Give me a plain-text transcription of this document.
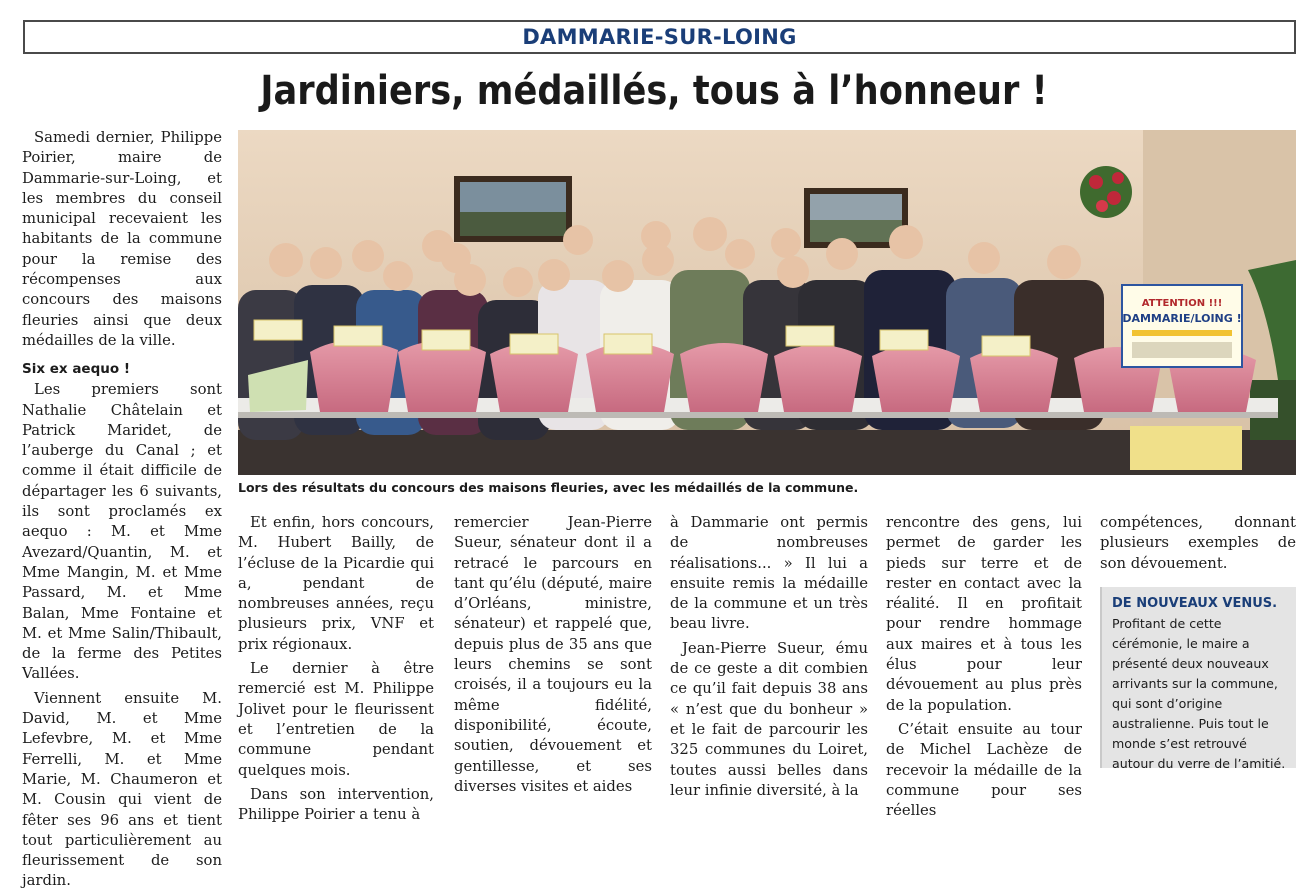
DAMMARIE-SUR-LOING
Jardiniers, médaillés, tous à l’honneur !

Samedi dernier, Philippe Poirier, maire de Dammarie-sur-Loing, et les membres du conseil municipal recevaient les habitants de la commune pour la remise des récompenses aux concours des maisons fleuries ainsi que deux médailles de la ville.

Six ex aequo !

Les premiers sont Nathalie Châtelain et Patrick Maridet, de l’auberge du Canal ; et comme il était difficile de départager les 6 suivants, ils sont proclamés ex aequo : M. et Mme Avezard/Quantin, M. et Mme Mangin, M. et Mme Passard, M. et Mme Balan, Mme Fontaine et M. et Mme Salin/Thibault, de la ferme des Petites Vallées.

Viennent ensuite M. David, M. et Mme Lefevbre, M. et Mme Ferrelli, M. et Mme Marie, M. Chaumeron et M. Cousin qui vient de fêter ses 96 ans et tient tout particulièrement au fleurissement de son jardin.

ATTENTION !!!
DAMMARIE/LOING !
Lors des résultats du concours des maisons fleuries, avec les médaillés de la commune.

Et enfin, hors concours, M. Hubert Bailly, de l’écluse de la Picardie qui a, pendant de nombreuses années, reçu plusieurs prix, VNF et prix régionaux.

Le dernier à être remercié est M. Philippe Jolivet pour le fleurissent et l’entretien de la commune pendant quelques mois.

Dans son intervention, Philippe Poirier a tenu à

remercier Jean-Pierre Sueur, sénateur dont il a retracé le parcours en tant qu’élu (député, maire d’Orléans, ministre, sénateur) et rappelé que, depuis plus de 35 ans que leurs chemins se sont croisés, il a toujours eu la même fidélité, disponibilité, écoute, soutien, dévouement et gentillesse, et ses diverses visites et aides

à Dammarie ont permis de nombreuses réalisations... » Il lui a ensuite remis la médaille de la commune et un très beau livre.

Jean-Pierre Sueur, ému de ce geste a dit combien ce qu’il fait depuis 38 ans « n’est que du bonheur » et le fait de parcourir les 325 communes du Loiret, toutes aussi belles dans leur infinie diversité, à la

rencontre des gens, lui permet de garder les pieds sur terre et de rester en contact avec la réalité. Il en profitait pour rendre hommage aux maires et à tous les élus pour leur dévouement au plus près de la population.

C’était ensuite au tour de Michel Lachèze de recevoir la médaille de la commune pour ses réelles

compétences, donnant plusieurs exemples de son dévouement.

DE NOUVEAUX VENUS. Profitant de cette cérémonie, le maire a présenté deux nouveaux arrivants sur la commune, qui sont d’origine australienne. Puis tout le monde s’est retrouvé autour du verre de l’amitié.
